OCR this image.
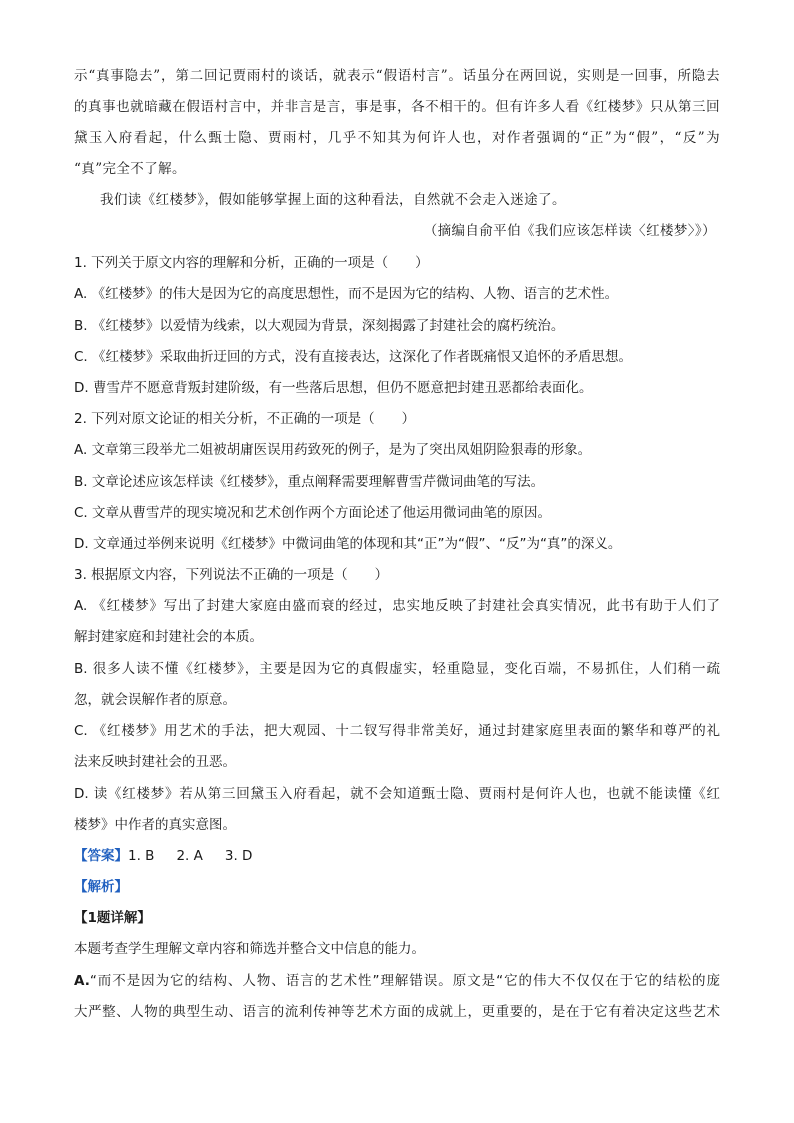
示“真事隐去”，第二回记贾雨村的谈话，就表示“假语村言”。话虽分在两回说，实则是一回事，所隐去
的真事也就暗藏在假语村言中，并非言是言，事是事，各不相干的。但有许多人看《红楼梦》只从第三回
黛玉入府看起，什么甄士隐、贾雨村，几乎不知其为何许人也，对作者强调的“正”为“假”，“反”为
“真”完全不了解。
我们读《红楼梦》，假如能够掌握上面的这种看法，自然就不会走入迷途了。
（摘编自俞平伯《我们应该怎样读〈红楼梦〉》）
1. 下列关于原文内容的理解和分析，正确的一项是（　　）
A. 《红楼梦》的伟大是因为它的高度思想性，而不是因为它的结构、人物、语言的艺术性。
B. 《红楼梦》以爱情为线索，以大观园为背景，深刻揭露了封建社会的腐朽统治。
C. 《红楼梦》采取曲折迂回的方式，没有直接表达，这深化了作者既痛恨又追怀的矛盾思想。
D. 曹雪芹不愿意背叛封建阶级，有一些落后思想，但仍不愿意把封建丑恶都给表面化。
2. 下列对原文论证的相关分析，不正确的一项是（　　）
A. 文章第三段举尤二姐被胡庸医误用药致死的例子，是为了突出凤姐阴险狠毒的形象。
B. 文章论述应该怎样读《红楼梦》，重点阐释需要理解曹雪芹微词曲笔的写法。
C. 文章从曹雪芹的现实境况和艺术创作两个方面论述了他运用微词曲笔的原因。
D. 文章通过举例来说明《红楼梦》中微词曲笔的体现和其“正”为“假”、“反”为“真”的深义。
3. 根据原文内容，下列说法不正确的一项是（　　）
A. 《红楼梦》写出了封建大家庭由盛而衰的经过，忠实地反映了封建社会真实情况，此书有助于人们了
解封建家庭和封建社会的本质。
B. 很多人读不懂《红楼梦》，主要是因为它的真假虚实，轻重隐显，变化百端，不易抓住，人们稍一疏
忽，就会误解作者的原意。
C. 《红楼梦》用艺术的手法，把大观园、十二钗写得非常美好，通过封建家庭里表面的繁华和尊严的礼
法来反映封建社会的丑恶。
D. 读《红楼梦》若从第三回黛玉入府看起，就不会知道甄士隐、贾雨村是何许人也，也就不能读懂《红
楼梦》中作者的真实意图。
【答案】1. B 2. A 3. D
【解析】
【1题详解】
本题考查学生理解文章内容和筛选并整合文中信息的能力。
A.“而不是因为它的结构、人物、语言的艺术性”理解错误。原文是“它的伟大不仅仅在于它的结松的庞
大严整、人物的典型生动、语言的流利传神等艺术方面的成就上，更重要的，是在于它有着决定这些艺术
